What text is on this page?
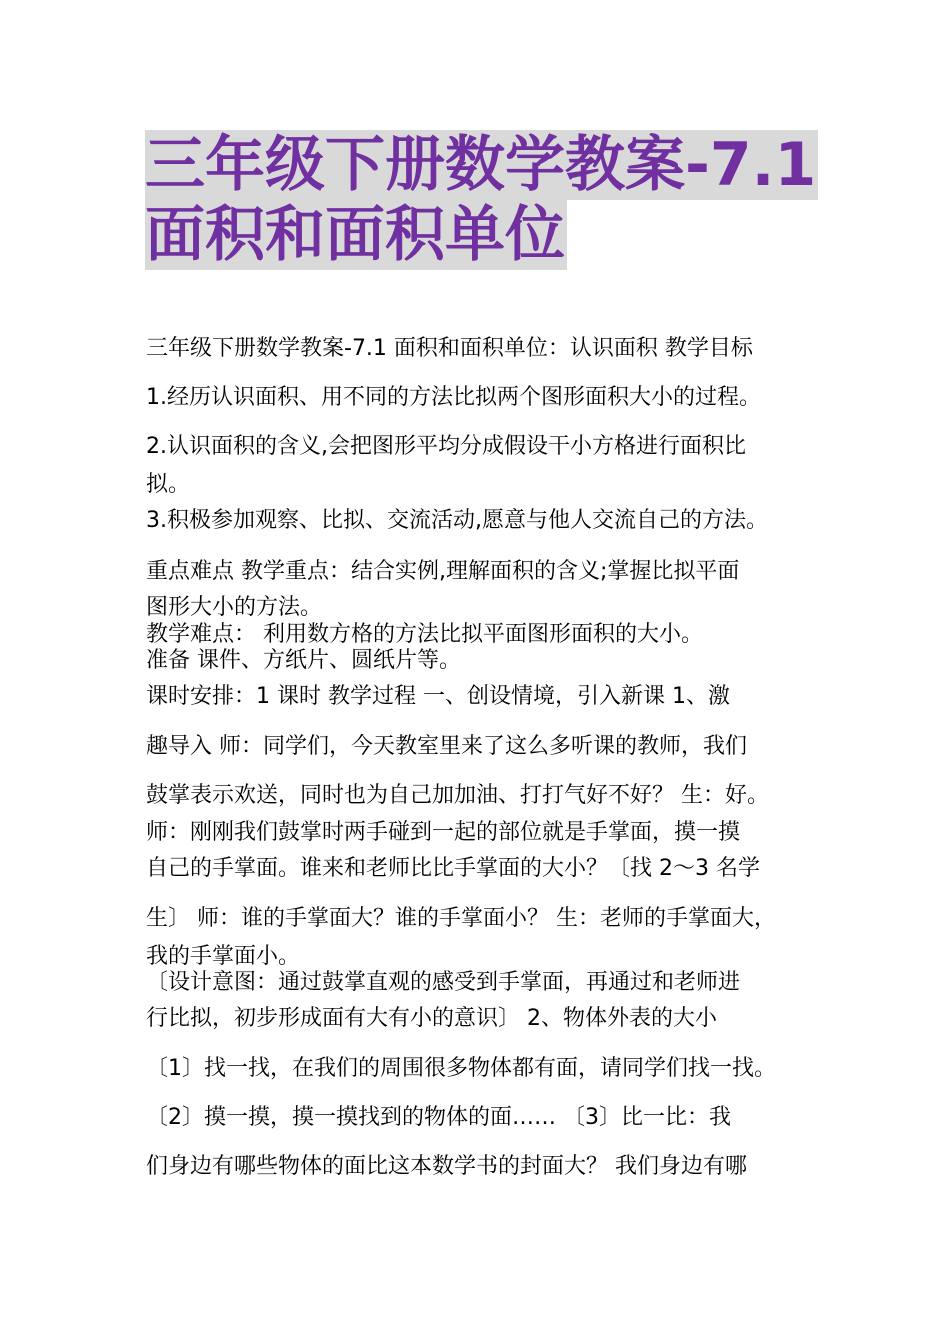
三年级下册数学教案-7.1
面积和面积单位

三年级下册数学教案-7.1 面积和面积单位：认识面积 教学目标

1.经历认识面积、用不同的方法比拟两个图形面积大小的过程。

2.认识面积的含义,会把图形平均分成假设干小方格进行面积比

拟。

3.积极参加观察、比拟、交流活动,愿意与他人交流自己的方法。

重点难点 教学重点：结合实例,理解面积的含义;掌握比拟平面

图形大小的方法。

教学难点： 利用数方格的方法比拟平面图形面积的大小。

准备 课件、方纸片、圆纸片等。

课时安排：1 课时 教学过程 一、创设情境，引入新课 1、激

趣导入 师：同学们，今天教室里来了这么多听课的教师，我们

鼓掌表示欢送，同时也为自己加加油、打打气好不好？ 生：好。

师：刚刚我们鼓掌时两手碰到一起的部位就是手掌面，摸一摸

自己的手掌面。谁来和老师比比手掌面的大小？〔找 2～3 名学

生〕 师：谁的手掌面大？谁的手掌面小？ 生：老师的手掌面大，

我的手掌面小。

〔设计意图：通过鼓掌直观的感受到手掌面，再通过和老师进

行比拟，初步形成面有大有小的意识〕 2、物体外表的大小

〔1〕找一找，在我们的周围很多物体都有面，请同学们找一找。

〔2〕摸一摸，摸一摸找到的物体的面…… 〔3〕比一比：我

们身边有哪些物体的面比这本数学书的封面大？ 我们身边有哪
